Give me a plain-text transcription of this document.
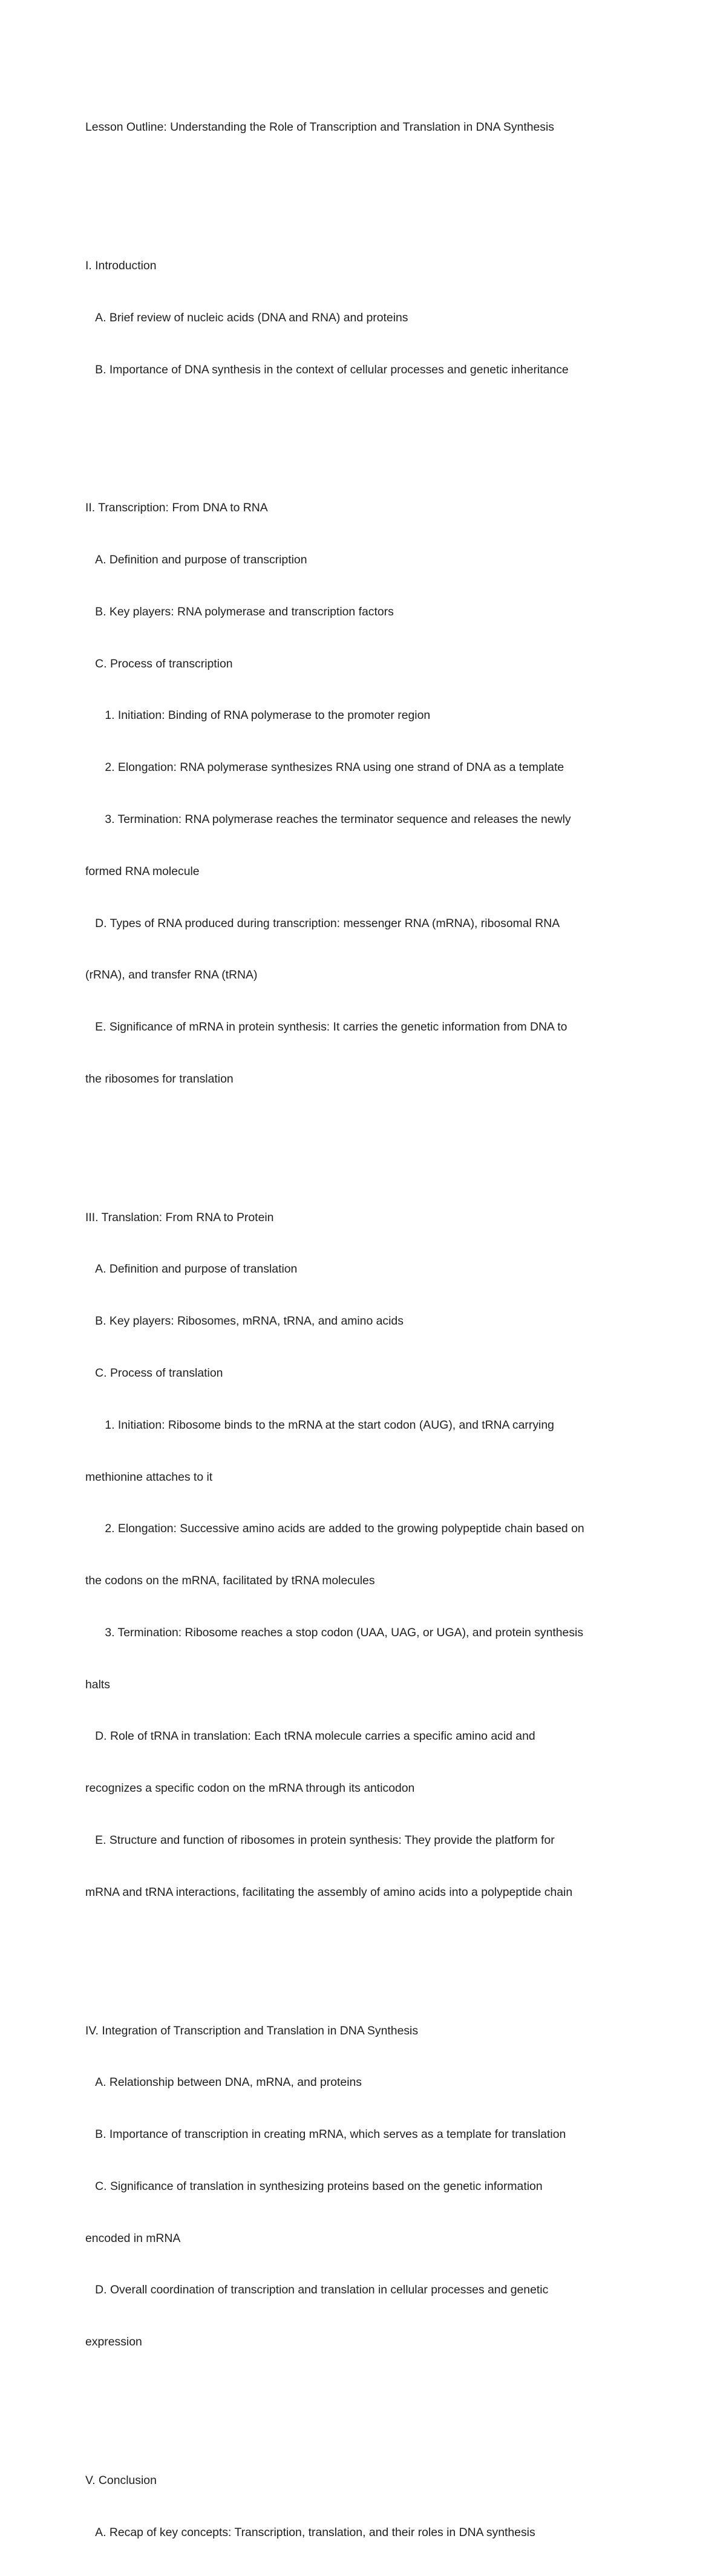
Lesson Outline: Understanding the Role of Transcription and Translation in DNA Synthesis

I. Introduction

A. Brief review of nucleic acids (DNA and RNA) and proteins

B. Importance of DNA synthesis in the context of cellular processes and genetic inheritance

II. Transcription: From DNA to RNA

A. Definition and purpose of transcription

B. Key players: RNA polymerase and transcription factors

C. Process of transcription

1. Initiation: Binding of RNA polymerase to the promoter region

2. Elongation: RNA polymerase synthesizes RNA using one strand of DNA as a template

3. Termination: RNA polymerase reaches the terminator sequence and releases the newly

formed RNA molecule

D. Types of RNA produced during transcription: messenger RNA (mRNA), ribosomal RNA

(rRNA), and transfer RNA (tRNA)

E. Significance of mRNA in protein synthesis: It carries the genetic information from DNA to

the ribosomes for translation

III. Translation: From RNA to Protein

A. Definition and purpose of translation

B. Key players: Ribosomes, mRNA, tRNA, and amino acids

C. Process of translation

1. Initiation: Ribosome binds to the mRNA at the start codon (AUG), and tRNA carrying

methionine attaches to it

2. Elongation: Successive amino acids are added to the growing polypeptide chain based on

the codons on the mRNA, facilitated by tRNA molecules

3. Termination: Ribosome reaches a stop codon (UAA, UAG, or UGA), and protein synthesis

halts

D. Role of tRNA in translation: Each tRNA molecule carries a specific amino acid and

recognizes a specific codon on the mRNA through its anticodon

E. Structure and function of ribosomes in protein synthesis: They provide the platform for

mRNA and tRNA interactions, facilitating the assembly of amino acids into a polypeptide chain

IV. Integration of Transcription and Translation in DNA Synthesis

A. Relationship between DNA, mRNA, and proteins

B. Importance of transcription in creating mRNA, which serves as a template for translation

C. Significance of translation in synthesizing proteins based on the genetic information

encoded in mRNA

D. Overall coordination of transcription and translation in cellular processes and genetic

expression

V. Conclusion

A. Recap of key concepts: Transcription, translation, and their roles in DNA synthesis
